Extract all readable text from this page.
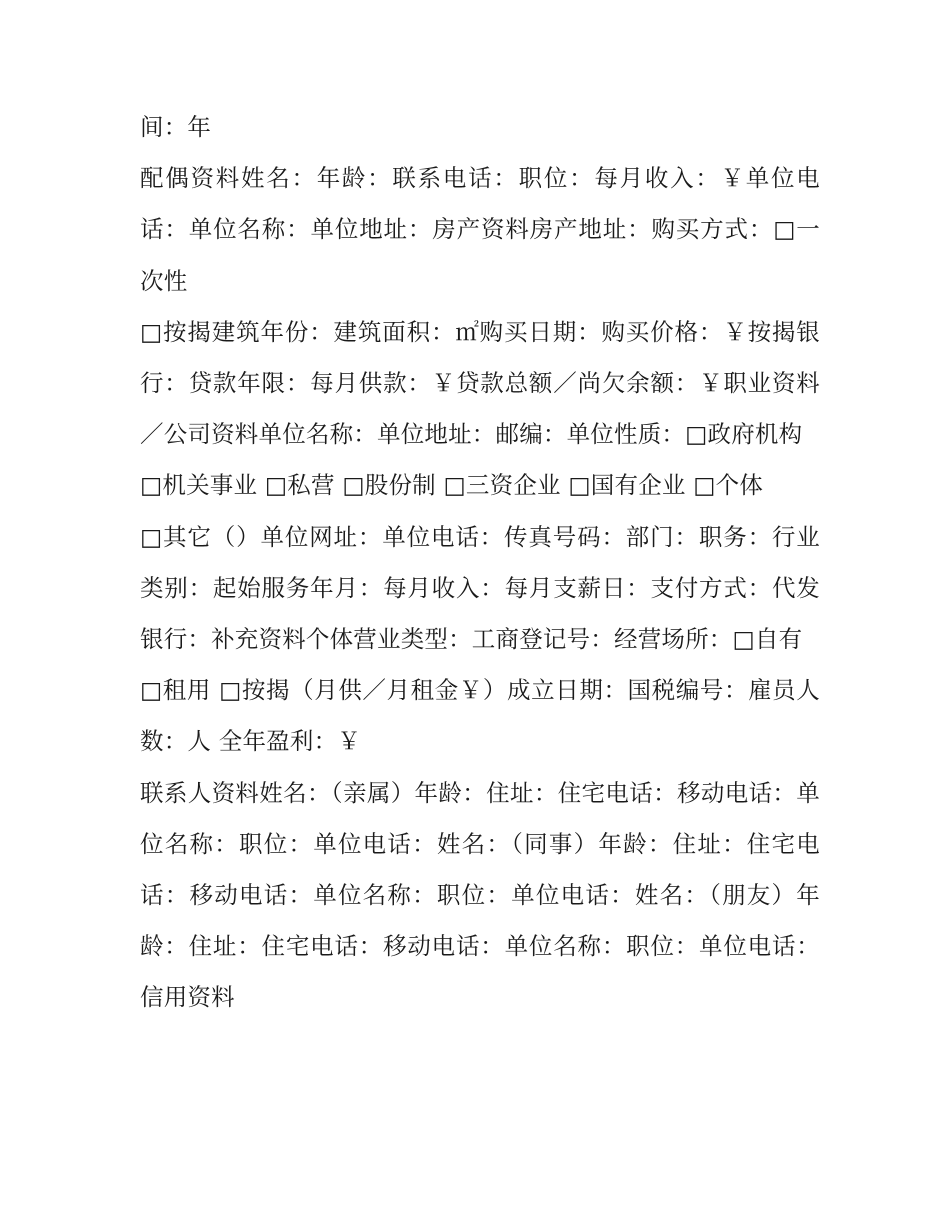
间：年

配偶资料姓名：年龄：联系电话：职位：每月收入：￥单位电话：单位名称：单位地址：房产资料房产地址：购买方式：□一次性

□按揭建筑年份：建筑面积：㎡购买日期：购买价格：￥按揭银行：贷款年限：每月供款：￥贷款总额／尚欠余额：￥职业资料／公司资料单位名称：单位地址：邮编：单位性质：□政府机构

□机关事业 □私营 □股份制 □三资企业 □国有企业 □个体

□其它（）单位网址：单位电话：传真号码：部门：职务：行业类别：起始服务年月：每月收入：每月支薪日：支付方式：代发银行：补充资料个体营业类型：工商登记号：经营场所：□自有

□租用 □按揭（月供／月租金￥）成立日期：国税编号：雇员人数：人 全年盈利：￥

联系人资料姓名：（亲属）年龄：住址：住宅电话：移动电话：单位名称：职位：单位电话：姓名：（同事）年龄：住址：住宅电话：移动电话：单位名称：职位：单位电话：姓名：（朋友）年龄：住址：住宅电话：移动电话：单位名称：职位：单位电话：信用资料
